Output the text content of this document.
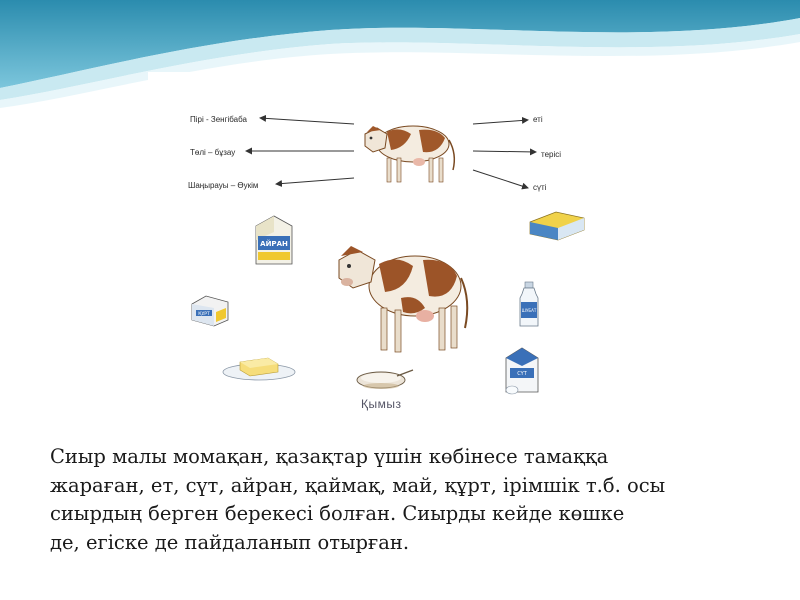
Пірі - Зенгібаба
Төлі – бұзау
Шаңырауы – Өукім
еті
терісі
сүті
АЙРАН
ҚҰРТ
Қымыз
ШУБАТ
СҮТ
Сиыр малы момақан, қазақтар үшін көбінесе тамаққа
жараған, ет, сүт, айран, қаймақ, май, құрт, ірімшік т.б. осы
сиырдың берген берекесі болған. Сиырды кейде көшке
де, егіске де пайдаланып отырған.
